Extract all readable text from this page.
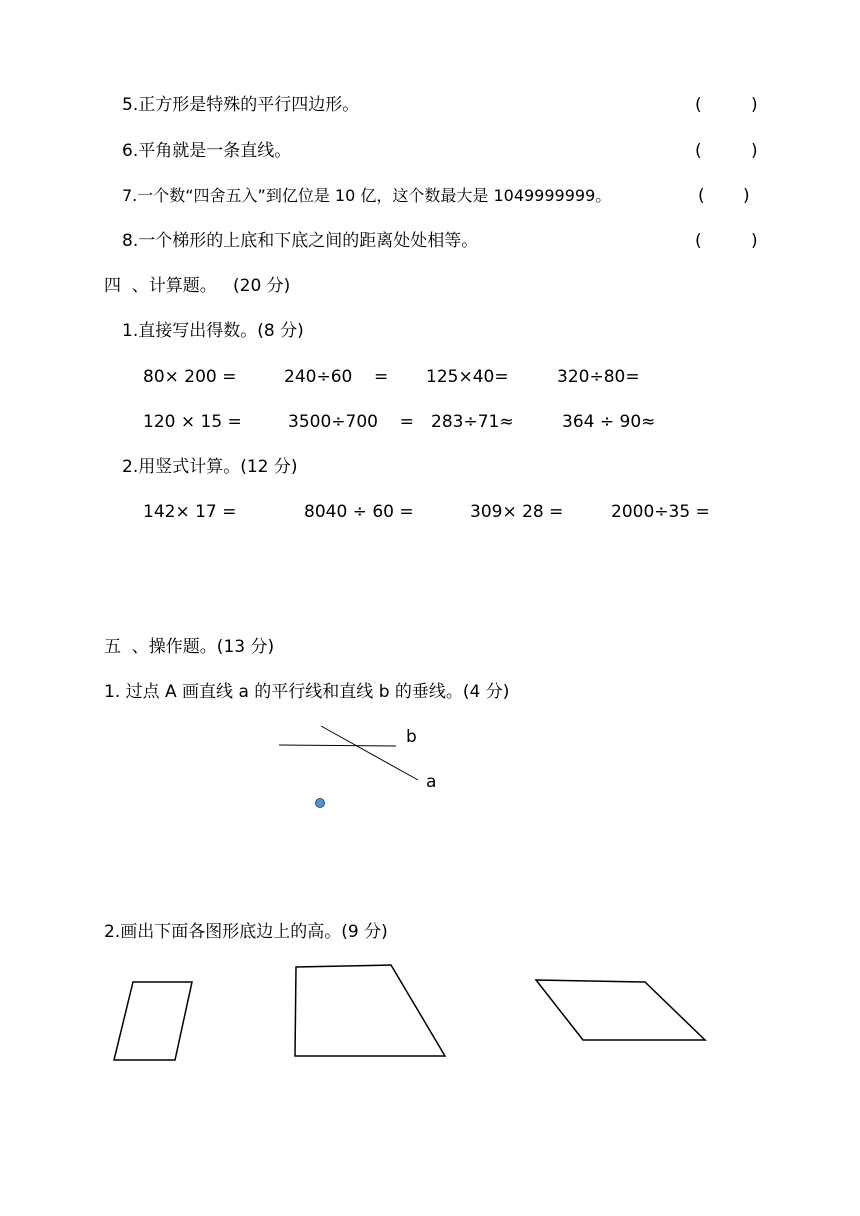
5.正方形是特殊的平行四边形。	(	)
6.平角就是一条直线。	(	)
7.一个数“四舍五入”到亿位是 10 亿，这个数最大是 1049999999。	( )
8.一个梯形的上底和下底之间的距离处处相等。	(	)
四  、计算题。   (20 分)
1.直接写出得数。(8 分)
80× 200 =	240÷60    = 125×40=	320÷80=
120 × 15 =	3500÷700    = 283÷71≈	364 ÷ 90≈
2.用竖式计算。(12 分)
142× 17 =	8040 ÷ 60 =	309× 28 =	2000÷35 =
五  、操作题。(13 分)
1. 过点 A 画直线 a 的平行线和直线 b 的垂线。(4 分)
b
a
2.画出下面各图形底边上的高。(9 分)
